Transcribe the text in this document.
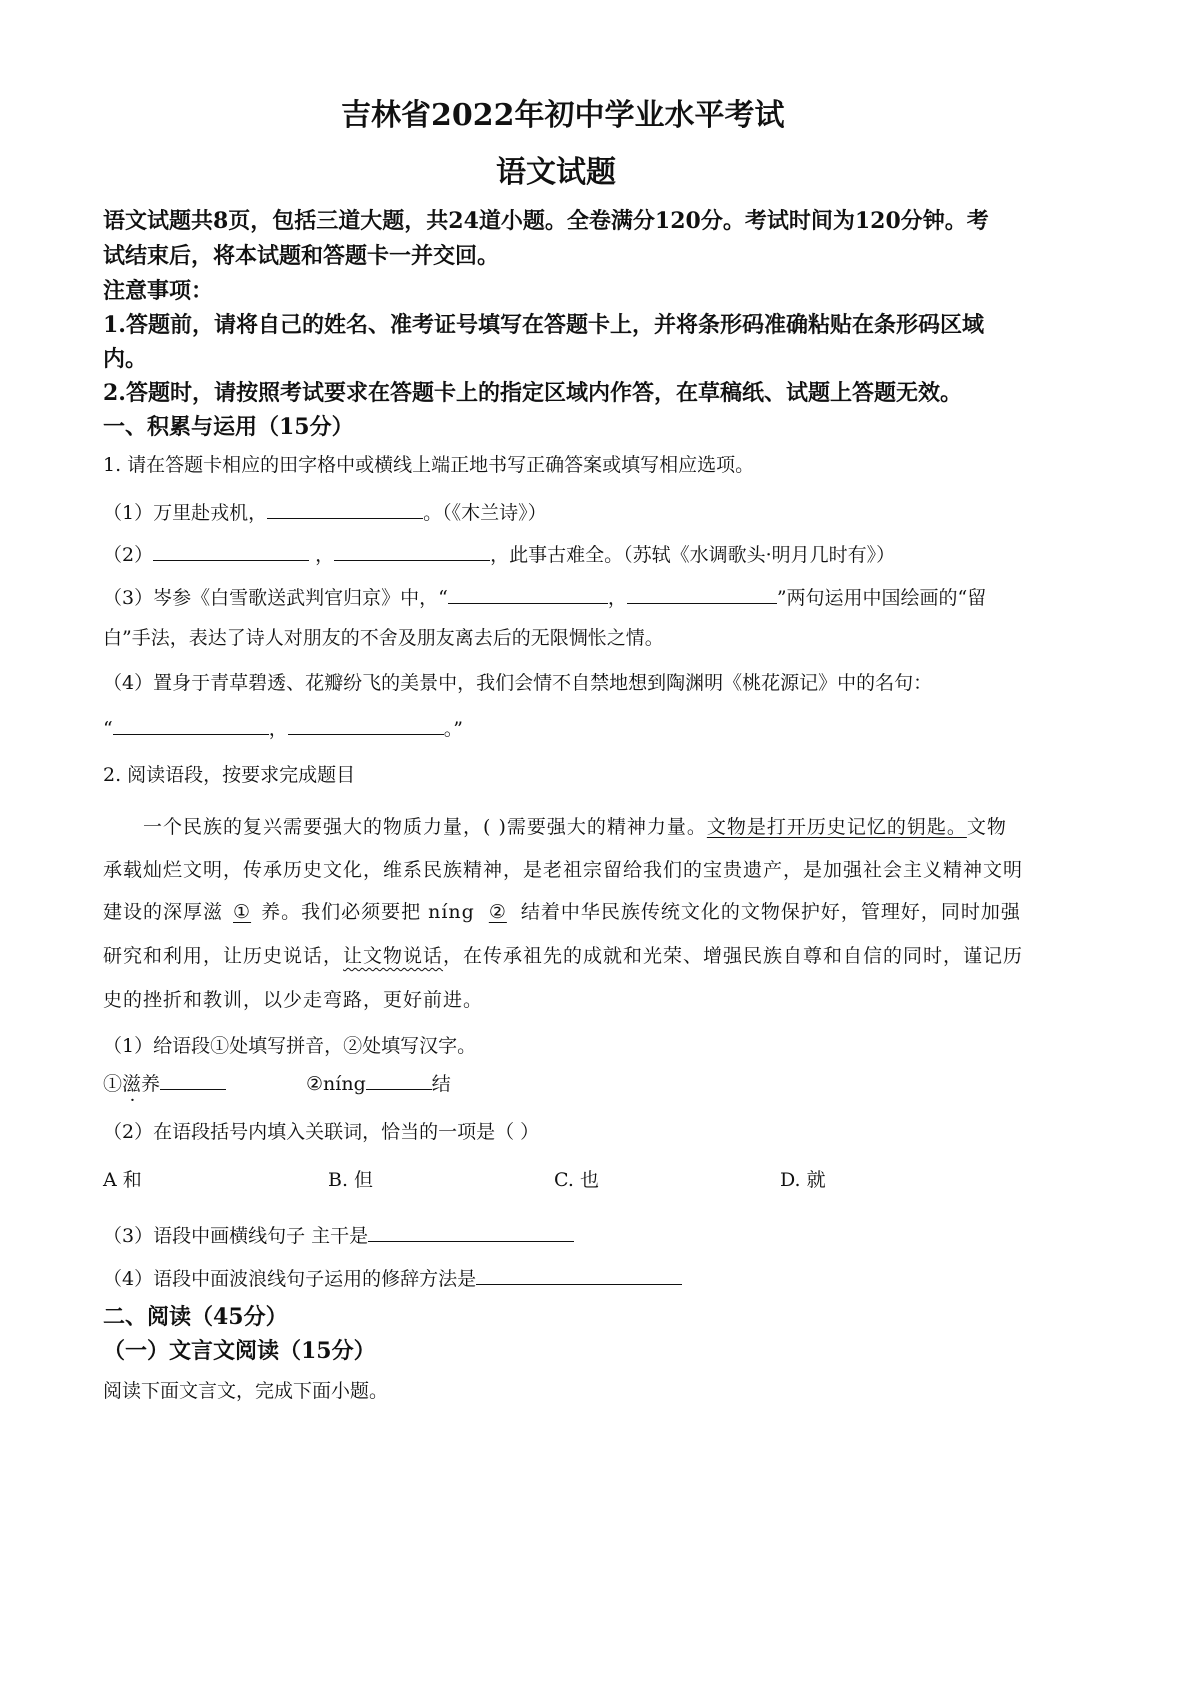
吉林省2022年初中学业水平考试
语文试题
语文试题共8页，包括三道大题，共24道小题。全卷满分120分。考试时间为120分钟。考
试结束后，将本试题和答题卡一并交回。
注意事项：
1.答题前，请将自己的姓名、准考证号填写在答题卡上，并将条形码准确粘贴在条形码区域
内。
2.答题时，请按照考试要求在答题卡上的指定区域内作答，在草稿纸、试题上答题无效。
一、积累与运用（15分）
1. 请在答题卡相应的田字格中或横线上端正地书写正确答案或填写相应选项。
（1）万里赴戎机，	。（《木兰诗》）
（2）	，	，此事古难全。（苏轼《水调歌头·明月几时有》）
（3）岑参《白雪歌送武判官归京》中，“	，	”两句运用中国绘画的“留
白”手法，表达了诗人对朋友的不舍及朋友离去后的无限惆怅之情。
（4）置身于青草碧透、花瓣纷飞的美景中，我们会情不自禁地想到陶渊明《桃花源记》中的名句：
“	，	。”
2. 阅读语段，按要求完成题目
一个民族的复兴需要强大的物质力量，( )需要强大的精神力量。文物是打开历史记忆的钥匙。文物
承载灿烂文明，传承历史文化，维系民族精神，是老祖宗留给我们的宝贵遗产，是加强社会主义精神文明
建设的深厚滋 ① 养。我们必须要把 níng ② 结着中华民族传统文化的文物保护好，管理好，同时加强
研究和利用，让历史说话，让文物说话，在传承祖先的成就和光荣、增强民族自尊和自信的同时，谨记历
史的挫折和教训，以少走弯路，更好前进。
（1）给语段①处填写拼音，②处填写汉字。
①滋养	②níng	结
（2）在语段括号内填入关联词，恰当的一项是（ ）
A 和	B. 但	C. 也	D. 就
（3）语段中画横线句子 主干是
（4）语段中面波浪线句子运用的修辞方法是
二、阅读（45分）
（一）文言文阅读（15分）
阅读下面文言文，完成下面小题。
